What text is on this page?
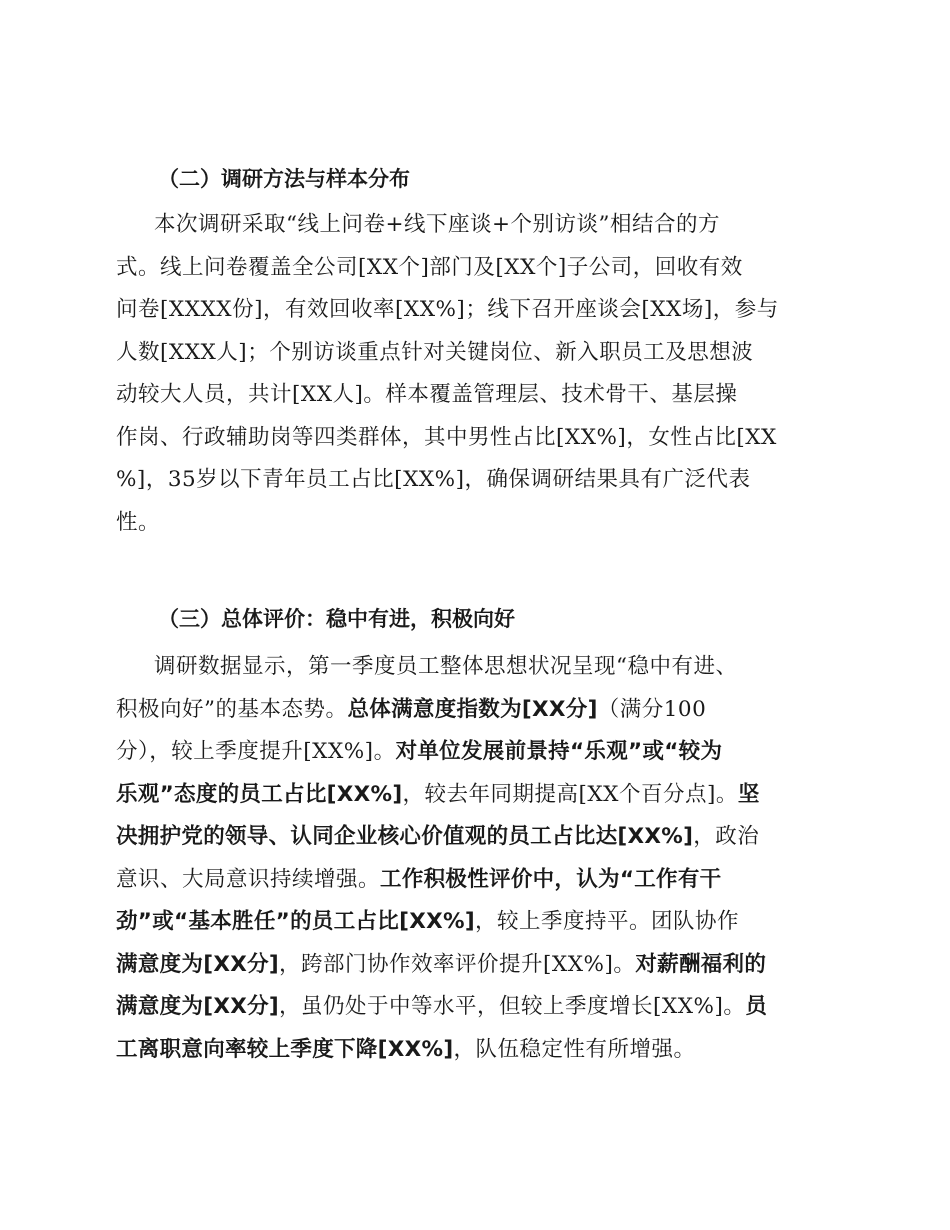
（二）调研方法与样本分布
本次调研采取“线上问卷+线下座谈+个别访谈”相结合的方
式。线上问卷覆盖全公司[XX个]部门及[XX个]子公司，回收有效
问卷[XXXX份]，有效回收率[XX%]；线下召开座谈会[XX场]，参与
人数[XXX人]；个别访谈重点针对关键岗位、新入职员工及思想波
动较大人员，共计[XX人]。样本覆盖管理层、技术骨干、基层操
作岗、行政辅助岗等四类群体，其中男性占比[XX%]，女性占比[XX
%]，35岁以下青年员工占比[XX%]，确保调研结果具有广泛代表
性。
（三）总体评价：稳中有进，积极向好
调研数据显示，第一季度员工整体思想状况呈现“稳中有进、
积极向好”的基本态势。总体满意度指数为[XX分]（满分100
分），较上季度提升[XX%]。对单位发展前景持“乐观”或“较为
乐观”态度的员工占比[XX%]，较去年同期提高[XX个百分点]。坚
决拥护党的领导、认同企业核心价值观的员工占比达[XX%]，政治
意识、大局意识持续增强。工作积极性评价中，认为“工作有干
劲”或“基本胜任”的员工占比[XX%]，较上季度持平。团队协作
满意度为[XX分]，跨部门协作效率评价提升[XX%]。对薪酬福利的
满意度为[XX分]，虽仍处于中等水平，但较上季度增长[XX%]。员
工离职意向率较上季度下降[XX%]，队伍稳定性有所增强。
